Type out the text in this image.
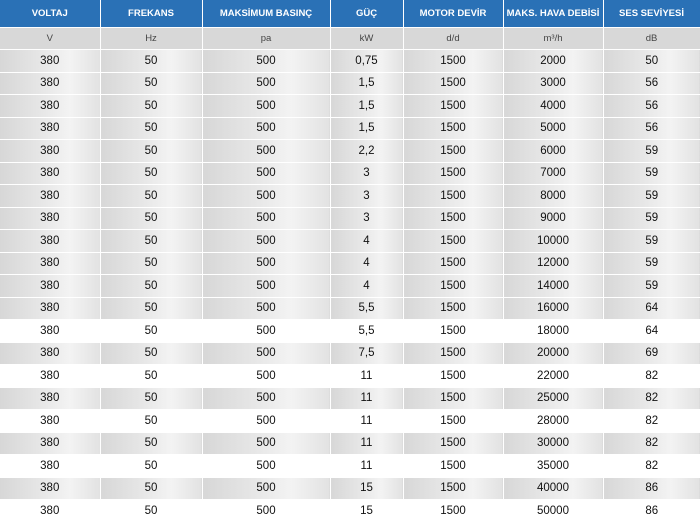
VOLTAJ	FREKANS	MAKSİMUM BASINÇ	GÜÇ	MOTOR DEVİR	MAKS. HAVA DEBİSİ	SES SEVİYESİ
V	Hz	pa	kW	d/d	m³/h	dB
380	50	500	0,75	1500	2000	50
380	50	500	1,5	1500	3000	56
380	50	500	1,5	1500	4000	56
380	50	500	1,5	1500	5000	56
380	50	500	2,2	1500	6000	59
380	50	500	3	1500	7000	59
380	50	500	3	1500	8000	59
380	50	500	3	1500	9000	59
380	50	500	4	1500	10000	59
380	50	500	4	1500	12000	59
380	50	500	4	1500	14000	59
380	50	500	5,5	1500	16000	64
380	50	500	5,5	1500	18000	64
380	50	500	7,5	1500	20000	69
380	50	500	11	1500	22000	82
380	50	500	11	1500	25000	82
380	50	500	11	1500	28000	82
380	50	500	11	1500	30000	82
380	50	500	11	1500	35000	82
380	50	500	15	1500	40000	86
380	50	500	15	1500	50000	86
